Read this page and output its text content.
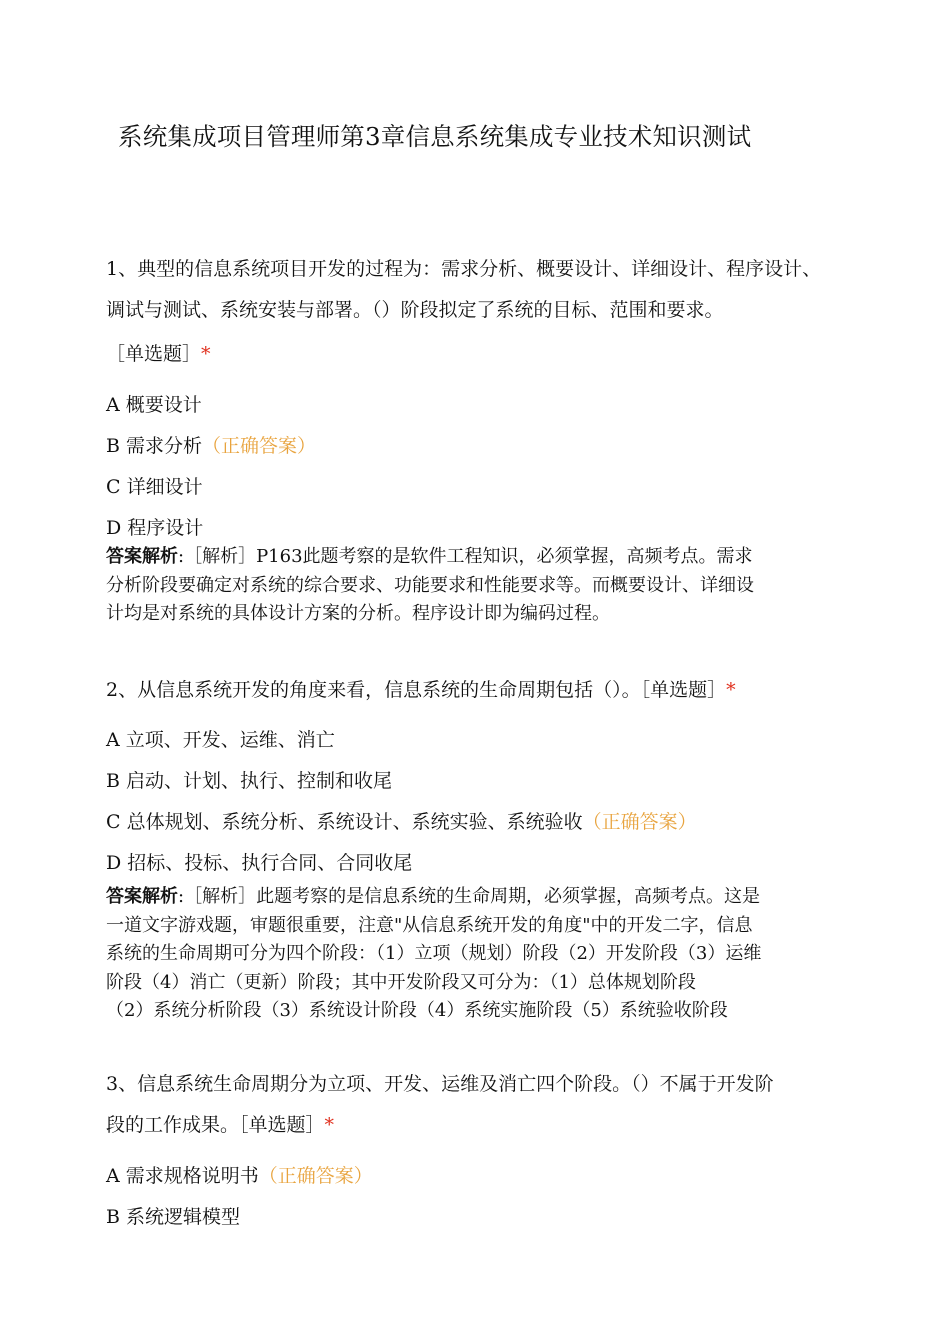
系统集成项目管理师第3章信息系统集成专业技术知识测试
1、典型的信息系统项目开发的过程为：需求分析、概要设计、详细设计、程序设计、
调试与测试、系统安装与部署。（）阶段拟定了系统的目标、范围和要求。
［单选题］*
A 概要设计
B 需求分析（正确答案）
C 详细设计
D 程序设计
答案解析:［解析］P163此题考察的是软件工程知识，必须掌握，高频考点。需求
分析阶段要确定对系统的综合要求、功能要求和性能要求等。而概要设计、详细设
计均是对系统的具体设计方案的分析。程序设计即为编码过程。
2、从信息系统开发的角度来看，信息系统的生命周期包括（）。［单选题］*
A 立项、开发、运维、消亡
B 启动、计划、执行、控制和收尾
C 总体规划、系统分析、系统设计、系统实验、系统验收（正确答案）
D 招标、投标、执行合同、合同收尾
答案解析:［解析］此题考察的是信息系统的生命周期，必须掌握，高频考点。这是
一道文字游戏题，审题很重要，注意"从信息系统开发的角度"中的开发二字，信息
系统的生命周期可分为四个阶段：（1）立项（规划）阶段（2）开发阶段（3）运维
阶段（4）消亡（更新）阶段；其中开发阶段又可分为：（1）总体规划阶段
（2）系统分析阶段（3）系统设计阶段（4）系统实施阶段（5）系统验收阶段
3、信息系统生命周期分为立项、开发、运维及消亡四个阶段。（）不属于开发阶
段的工作成果。［单选题］*
A 需求规格说明书（正确答案）
B 系统逻辑模型
